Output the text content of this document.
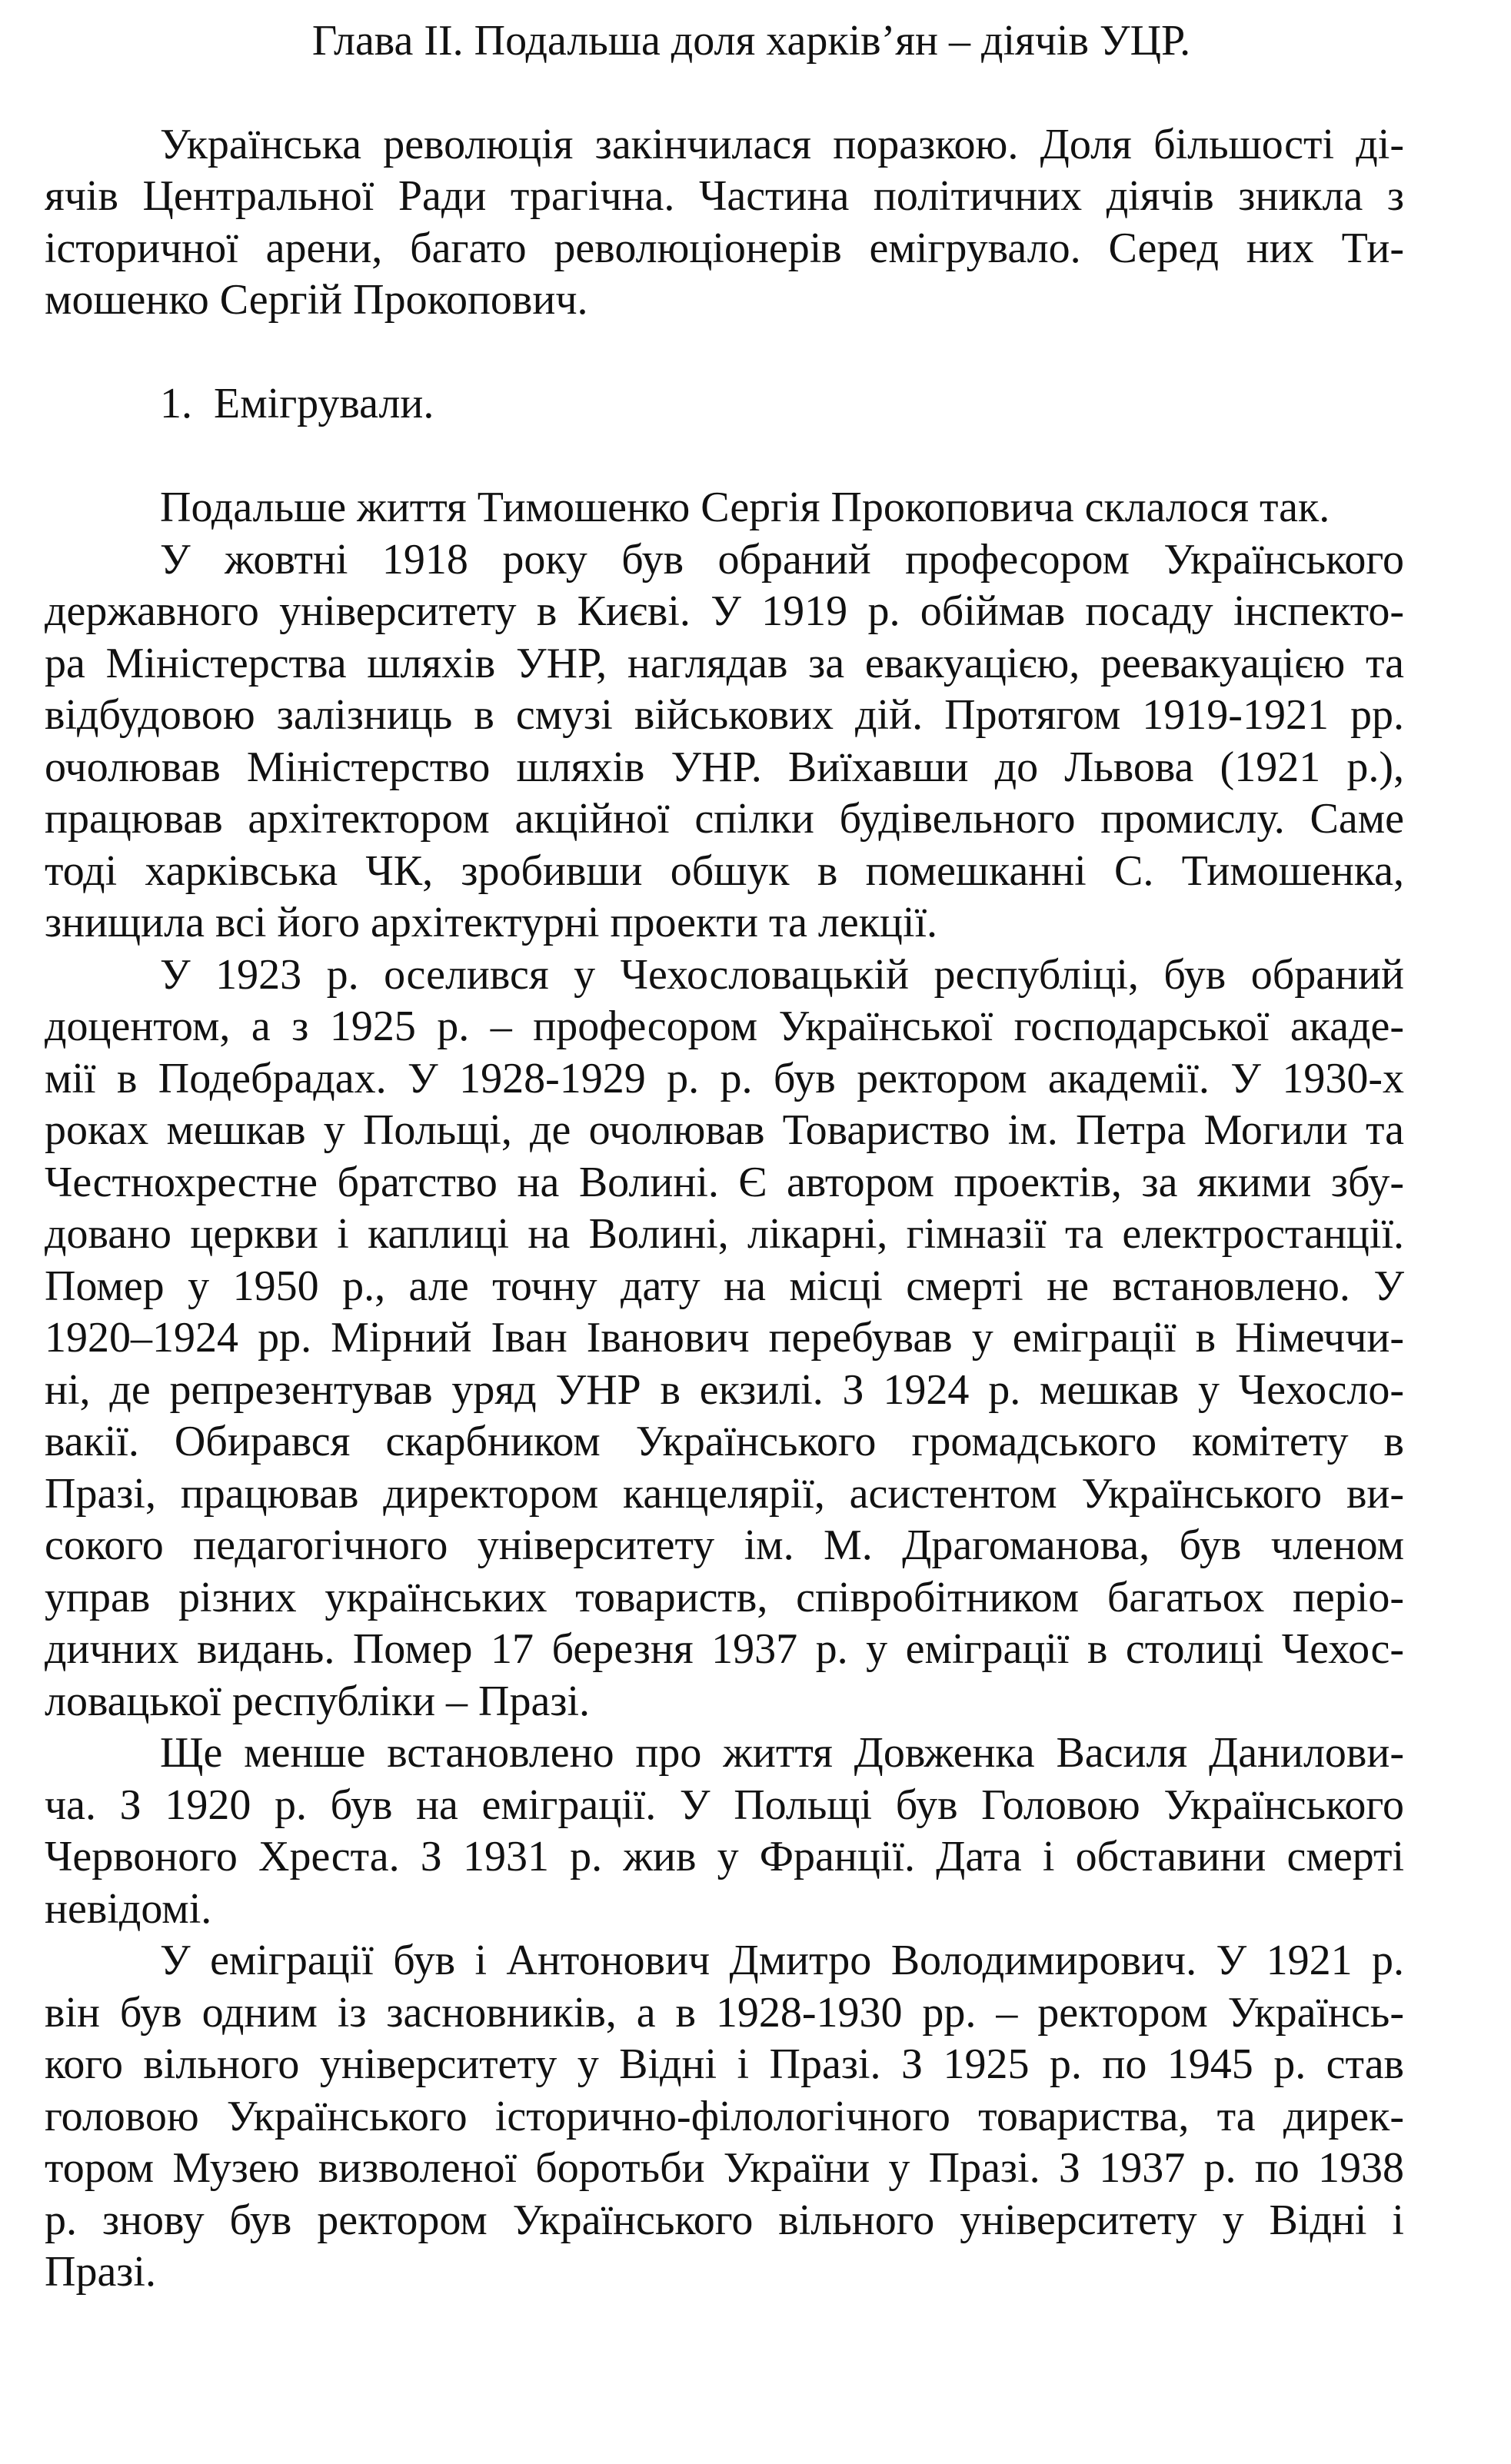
Глава ІІ. Подальша доля харків’ян – діячів УЦР.
Українська революція закінчилася поразкою. Доля більшості ді-
ячів Центральної Ради трагічна. Частина політичних діячів зникла з
історичної арени, багато революціонерів емігрувало. Серед них Ти-
мошенко Сергій Прокопович.
1. Емігрували.
Подальше життя Тимошенко Сергія Прокоповича склалося так.
У жовтні 1918 року був обраний професором Українського
державного університету в Києві. У 1919 р. обіймав посаду інспекто-
ра Міністерства шляхів УНР, наглядав за евакуацією, реевакуацією та
відбудовою залізниць в смузі військових дій. Протягом 1919-1921 рр.
очолював Міністерство шляхів УНР. Виїхавши до Львова (1921 р.),
працював архітектором акційної спілки будівельного промислу. Саме
тоді харківська ЧК, зробивши обшук в помешканні С. Тимошенка,
знищила всі його архітектурні проекти та лекції.
У 1923 р. оселився у Чехословацькій республіці, був обраний
доцентом, а з 1925 р. – професором Української господарської акаде-
мії в Подебрадах. У 1928-1929 р. р. був ректором академії. У 1930-х
роках мешкав у Польщі, де очолював Товариство ім. Петра Могили та
Честнохрестне братство на Волині. Є автором проектів, за якими збу-
довано церкви і каплиці на Волині, лікарні, гімназії та електростанції.
Помер у 1950 р., але точну дату на місці смерті не встановлено. У
1920–1924 рр. Мірний Іван Іванович перебував у еміграції в Німеччи-
ні, де репрезентував уряд УНР в екзилі. З 1924 р. мешкав у Чехосло-
вакії. Обирався скарбником Українського громадського комітету в
Празі, працював директором канцелярії, асистентом Українського ви-
сокого педагогічного університету ім. М. Драгоманова, був членом
управ різних українських товариств, співробітником багатьох періо-
дичних видань. Помер 17 березня 1937 р. у еміграції в столиці Чехос-
ловацької республіки – Празі.
Ще менше встановлено про життя Довженка Василя Данилови-
ча. З 1920 р. був на еміграції. У Польщі був Головою Українського
Червоного Хреста. З 1931 р. жив у Франції. Дата і обставини смерті
невідомі.
У еміграції був і Антонович Дмитро Володимирович. У 1921 р.
він був одним із засновників, а в 1928-1930 рр. – ректором Українсь-
кого вільного університету у Відні і Празі. З 1925 р. по 1945 р. став
головою Українського історично-філологічного товариства, та дирек-
тором Музею визволеної боротьби України у Празі. З 1937 р. по 1938
р. знову був ректором Українського вільного університету у Відні і
Празі.
